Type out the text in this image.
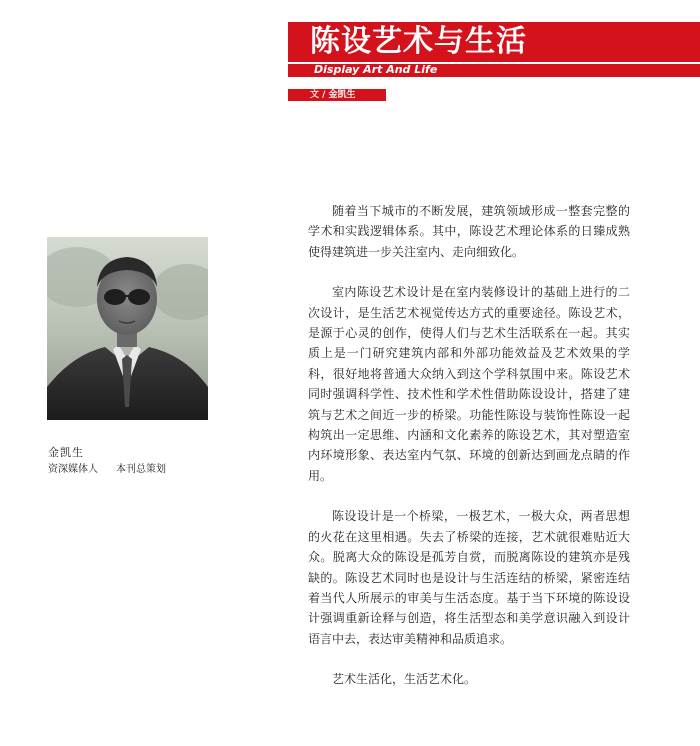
陈设艺术与生活
Display Art And Life
文 / 金凯生
金凯生
资深媒体人 本刊总策划

随着当下城市的不断发展，建筑领域形成一整套完整的学术和实践逻辑体系。其中，陈设艺术理论体系的日臻成熟使得建筑进一步关注室内、走向细致化。

室内陈设艺术设计是在室内装修设计的基础上进行的二次设计，是生活艺术视觉传达方式的重要途径。陈设艺术，是源于心灵的创作，使得人们与艺术生活联系在一起。其实质上是一门研究建筑内部和外部功能效益及艺术效果的学科，很好地将普通大众纳入到这个学科氛围中来。陈设艺术同时强调科学性、技术性和学术性借助陈设设计，搭建了建筑与艺术之间近一步的桥梁。功能性陈设与装饰性陈设一起构筑出一定思维、内涵和文化素养的陈设艺术，其对塑造室内环境形象、表达室内气氛、环境的创新达到画龙点睛的作用。

陈设设计是一个桥梁，一极艺术，一极大众，两者思想的火花在这里相遇。失去了桥梁的连接，艺术就很难贴近大众。脱离大众的陈设是孤芳自赏，而脱离陈设的建筑亦是残缺的。陈设艺术同时也是设计与生活连结的桥梁，紧密连结着当代人所展示的审美与生活态度。基于当下环境的陈设设计强调重新诠释与创造，将生活型态和美学意识融入到设计语言中去，表达审美精神和品质追求。

艺术生活化，生活艺术化。
